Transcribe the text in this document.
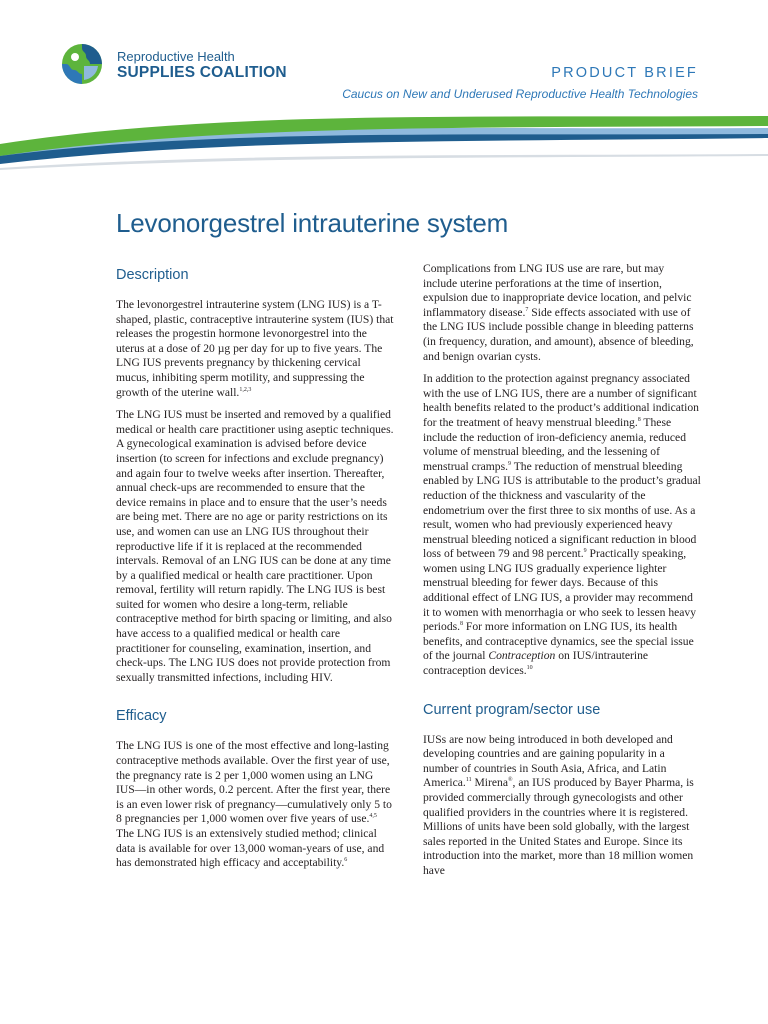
Reproductive Health
SUPPLIES COALITION	PRODUCT BRIEF
Caucus on New and Underused Reproductive Health Technologies
Levonorgestrel intrauterine system
Description

The levonorgestrel intrauterine system (LNG IUS) is a T-shaped, plastic, contraceptive intrauterine system (IUS) that releases the progestin hormone levonorgestrel into the uterus at a dose of 20 µg per day for up to five years. The LNG IUS prevents pregnancy by thickening cervical mucus, inhibiting sperm motility, and suppressing the growth of the uterine wall.$^{1,2,3}$

The LNG IUS must be inserted and removed by a qualified medical or health care practitioner using aseptic techniques. A gynecological examination is advised before device insertion (to screen for infections and exclude pregnancy) and again four to twelve weeks after insertion. Thereafter, annual check-ups are recommended to ensure that the device remains in place and to ensure that the user’s needs are being met. There are no age or parity restrictions on its use, and women can use an LNG IUS throughout their reproductive life if it is replaced at the recommended intervals. Removal of an LNG IUS can be done at any time by a qualified medical or health care practitioner. Upon removal, fertility will return rapidly. The LNG IUS is best suited for women who desire a long-term, reliable contraceptive method for birth spacing or limiting, and also have access to a qualified medical or health care practitioner for counseling, examination, insertion, and check-ups. The LNG IUS does not provide protection from sexually transmitted infections, including HIV.

Efficacy

The LNG IUS is one of the most effective and long-lasting contraceptive methods available. Over the first year of use, the pregnancy rate is 2 per 1,000 women using an LNG IUS—in other words, 0.2 percent. After the first year, there is an even lower risk of pregnancy—cumulatively only 5 to 8 pregnancies per 1,000 women over five years of use.$^{4,5}$ The LNG IUS is an extensively studied method; clinical data is available for over 13,000 woman-years of use, and has demonstrated high efficacy and acceptability.$^6$

Complications from LNG IUS use are rare, but may include uterine perforations at the time of insertion, expulsion due to inappropriate device location, and pelvic inflammatory disease.$^7$ Side effects associated with use of the LNG IUS include possible change in bleeding patterns (in frequency, duration, and amount), absence of bleeding, and benign ovarian cysts.

In addition to the protection against pregnancy associated with the use of LNG IUS, there are a number of significant health benefits related to the product’s additional indication for the treatment of heavy menstrual bleeding.$^8$ These include the reduction of iron-deficiency anemia, reduced volume of menstrual bleeding, and the lessening of menstrual cramps.$^9$ The reduction of menstrual bleeding enabled by LNG IUS is attributable to the product’s gradual reduction of the thickness and vascularity of the endometrium over the first three to six months of use. As a result, women who had previously experienced heavy menstrual bleeding noticed a significant reduction in blood loss of between 79 and 98 percent.$^9$ Practically speaking, women using LNG IUS gradually experience lighter menstrual bleeding for fewer days. Because of this additional effect of LNG IUS, a provider may recommend it to women with menorrhagia or who seek to lessen heavy periods.$^8$ For more information on LNG IUS, its health benefits, and contraceptive dynamics, see the special issue of the journal Contraception on IUS/intrauterine contraception devices.$^{10}$

Current program/sector use

IUSs are now being introduced in both developed and developing countries and are gaining popularity in a number of countries in South Asia, Africa, and Latin America.$^{11}$ Mirena®, an IUS produced by Bayer Pharma, is provided commercially through gynecologists and other qualified providers in the countries where it is registered. Millions of units have been sold globally, with the largest sales reported in the United States and Europe. Since its introduction into the market, more than 18 million women have
